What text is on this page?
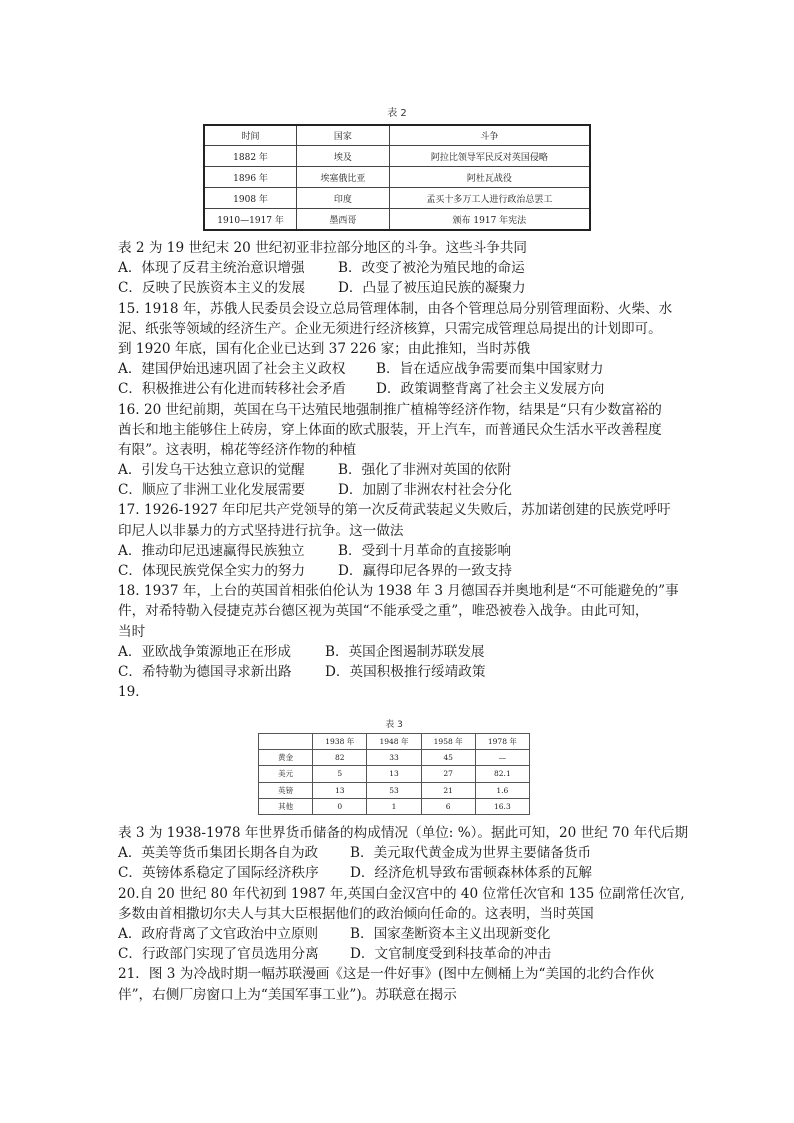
表 2
时间	国家	斗争
1882 年	埃及	阿拉比领导军民反对英国侵略
1896 年	埃塞俄比亚	阿杜瓦战役
1908 年	印度	孟买十多万工人进行政治总罢工
1910—1917 年	墨西哥	颁布 1917 年宪法
表 2 为 19 世纪末 20 世纪初亚非拉部分地区的斗争。这些斗争共同
A．体现了反君主统治意识增强 B．改变了被沦为殖民地的命运
C．反映了民族资本主义的发展 D．凸显了被压迫民族的凝聚力
15. 1918 年，苏俄人民委员会设立总局管理体制，由各个管理总局分别管理面粉、火柴、水
泥、纸张等领域的经济生产。企业无须进行经济核算，只需完成管理总局提出的计划即可。
到 1920 年底，国有化企业已达到 37 226 家；由此推知，当时苏俄
A．建国伊始迅速巩固了社会主义政权 B．旨在适应战争需要而集中国家财力
C．积极推进公有化进而转移社会矛盾 D．政策调整背离了社会主义发展方向
16. 20 世纪前期，英国在乌干达殖民地强制推广植棉等经济作物，结果是“只有少数富裕的
酋长和地主能够住上砖房，穿上体面的欧式服装，开上汽车，而普通民众生活水平改善程度
有限”。这表明，棉花等经济作物的种植
A．引发乌干达独立意识的觉醒 B．强化了非洲对英国的依附
C．顺应了非洲工业化发展需要 D．加剧了非洲农村社会分化
17. 1926-1927 年印尼共产党领导的第一次反荷武装起义失败后，苏加诺创建的民族党呼吁
印尼人以非暴力的方式坚持进行抗争。这一做法
A．推动印尼迅速赢得民族独立 B．受到十月革命的直接影响
C．体现民族党保全实力的努力 D．赢得印尼各界的一致支持
18. 1937 年，上台的英国首相张伯伦认为 1938 年 3 月德国吞并奥地利是“不可能避免的”事
件，对希特勒入侵捷克苏台德区视为英国“不能承受之重”，唯恐被卷入战争。由此可知，
当时
A．亚欧战争策源地正在形成	B．英国企图遏制苏联发展
C．希特勒为德国寻求新出路 D．英国积极推行绥靖政策
19．
表 3
	1938 年	1948 年	1958 年	1978 年
黄金	82	33	45	—
美元	5	13	27	82.1
英镑	13	53	21	1.6
其他	0	1	6	16.3
表 3 为 1938-1978 年世界货币储备的构成情况（单位: %）。据此可知，20 世纪 70 年代后期
A．英美等货币集团长期各自为政 B．美元取代黄金成为世界主要储备货币
C．英镑体系稳定了国际经济秩序 D．经济危机导致布雷顿森林体系的瓦解
20.自 20 世纪 80 年代初到 1987 年,英国白金汉宫中的 40 位常任次官和 135 位副常任次官,
多数由首相撒切尔夫人与其大臣根据他们的政治倾向任命的。这表明，当时英国
A．政府背离了文官政治中立原则 B．国家垄断资本主义出现新变化
C．行政部门实现了官员选用分离 D．文官制度受到科技革命的冲击
21．图 3 为冷战时期一幅苏联漫画《这是一件好事》(图中左侧桶上为“美国的北约合作伙
伴”，右侧厂房窗口上为“美国军事工业”)。苏联意在揭示
